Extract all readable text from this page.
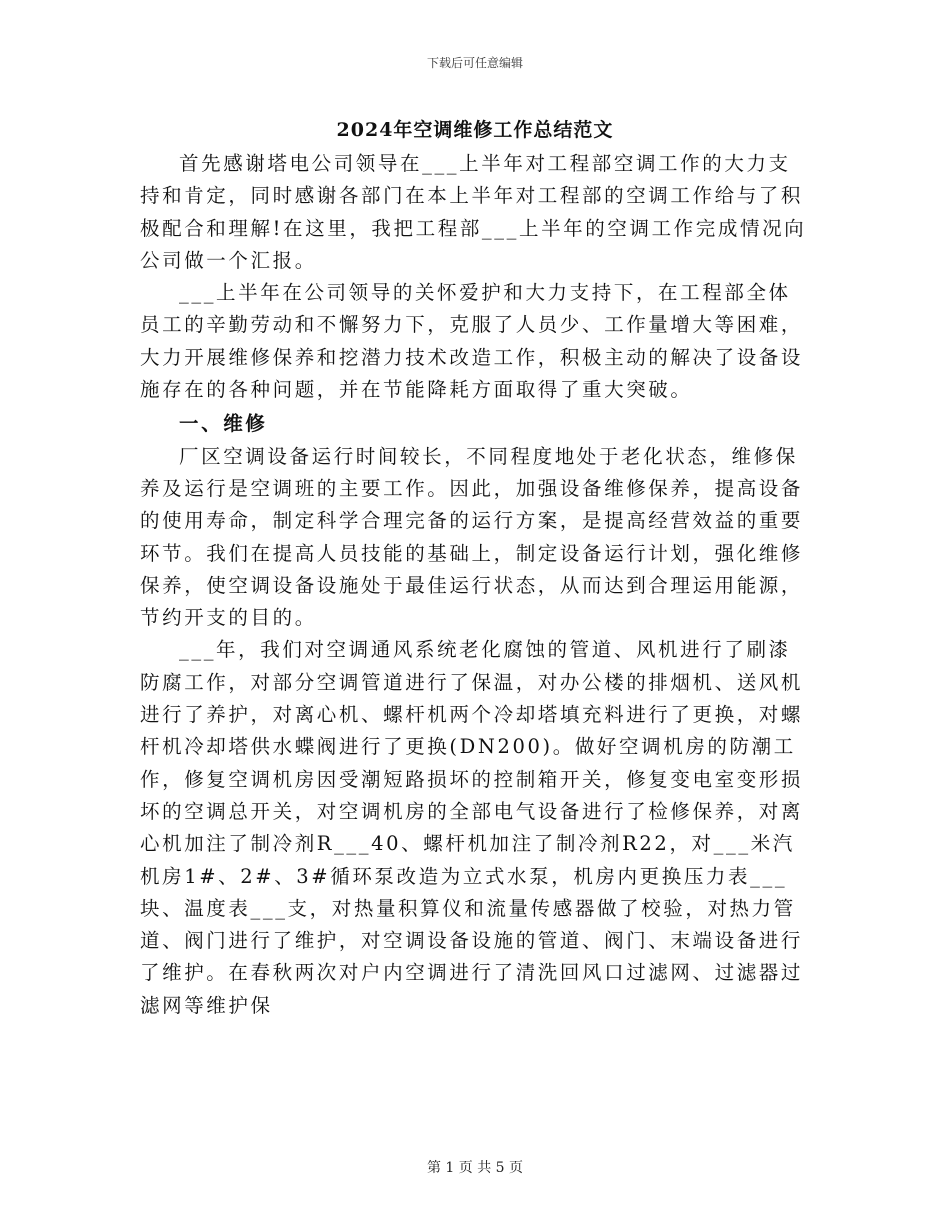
下载后可任意编辑
2024年空调维修工作总结范文

首先感谢塔电公司领导在___上半年对工程部空调工作的大力支持和肯定，同时感谢各部门在本上半年对工程部的空调工作给与了积极配合和理解!在这里，我把工程部___上半年的空调工作完成情况向公司做一个汇报。

___上半年在公司领导的关怀爱护和大力支持下，在工程部全体员工的辛勤劳动和不懈努力下，克服了人员少、工作量增大等困难，大力开展维修保养和挖潜力技术改造工作，积极主动的解决了设备设施存在的各种问题，并在节能降耗方面取得了重大突破。

一、维修

厂区空调设备运行时间较长，不同程度地处于老化状态，维修保养及运行是空调班的主要工作。因此，加强设备维修保养，提高设备的使用寿命，制定科学合理完备的运行方案，是提高经营效益的重要环节。我们在提高人员技能的基础上，制定设备运行计划，强化维修保养，使空调设备设施处于最佳运行状态，从而达到合理运用能源，节约开支的目的。

___年，我们对空调通风系统老化腐蚀的管道、风机进行了刷漆防腐工作，对部分空调管道进行了保温，对办公楼的排烟机、送风机进行了养护，对离心机、螺杆机两个冷却塔填充料进行了更换，对螺杆机冷却塔供水蝶阀进行了更换(DN200)。做好空调机房的防潮工作，修复空调机房因受潮短路损坏的控制箱开关，修复变电室变形损坏的空调总开关，对空调机房的全部电气设备进行了检修保养，对离心机加注了制冷剂R___40、螺杆机加注了制冷剂R22，对___米汽机房1#、2#、3#循环泵改造为立式水泵，机房内更换压力表___块、温度表___支，对热量积算仪和流量传感器做了校验，对热力管道、阀门进行了维护，对空调设备设施的管道、阀门、末端设备进行了维护。在春秋两次对户内空调进行了清洗回风口过滤网、过滤器过滤网等维护保

第 1 页 共 5 页
